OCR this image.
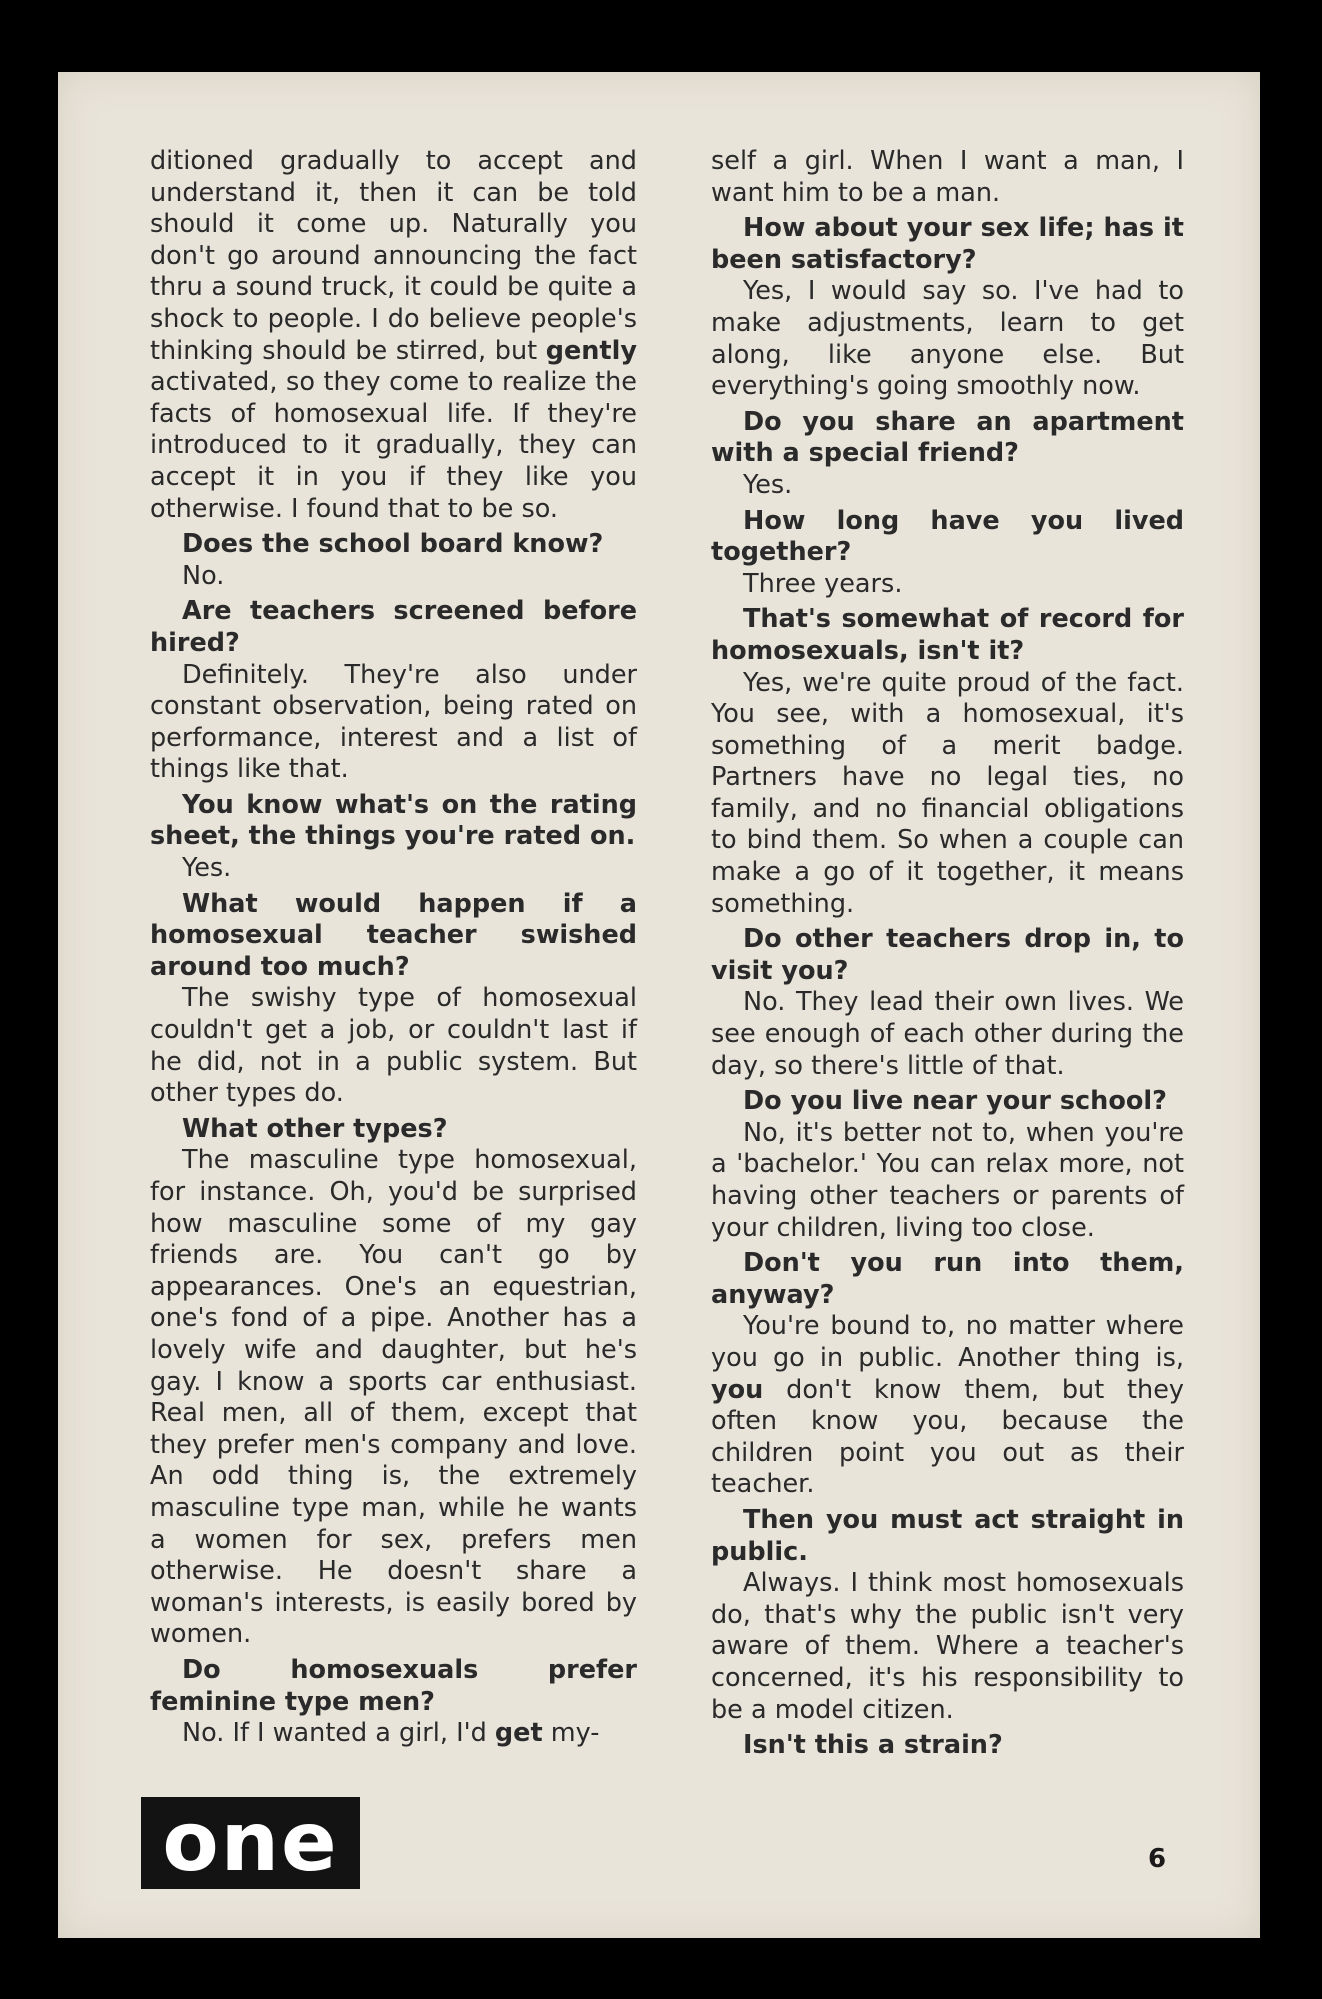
ditioned gradually to accept and understand it, then it can be told should it come up. Naturally you don't go around announcing the fact thru a sound truck, it could be quite a shock to people. I do believe people's thinking should be stirred, but gently activated, so they come to realize the facts of homosexual life. If they're introduced to it gradually, they can accept it in you if they like you otherwise. I found that to be so.

Does the school board know?

No.

Are teachers screened before hired?

Definitely. They're also under constant observation, being rated on performance, interest and a list of things like that.

You know what's on the rating sheet, the things you're rated on.

Yes.

What would happen if a homosexual teacher swished around too much?

The swishy type of homosexual couldn't get a job, or couldn't last if he did, not in a public system. But other types do.

What other types?

The masculine type homosexual, for instance. Oh, you'd be surprised how masculine some of my gay friends are. You can't go by appearances. One's an equestrian, one's fond of a pipe. Another has a lovely wife and daughter, but he's gay. I know a sports car enthusiast. Real men, all of them, except that they prefer men's company and love. An odd thing is, the extremely masculine type man, while he wants a women for sex, prefers men otherwise. He doesn't share a woman's interests, is easily bored by women.

Do homosexuals prefer feminine type men?

No. If I wanted a girl, I'd get my-

self a girl. When I want a man, I want him to be a man.

How about your sex life; has it been satisfactory?

Yes, I would say so. I've had to make adjustments, learn to get along, like anyone else. But everything's going smoothly now.

Do you share an apartment with a special friend?

Yes.

How long have you lived together?

Three years.

That's somewhat of record for homosexuals, isn't it?

Yes, we're quite proud of the fact. You see, with a homosexual, it's something of a merit badge. Partners have no legal ties, no family, and no financial obligations to bind them. So when a couple can make a go of it together, it means something.

Do other teachers drop in, to visit you?

No. They lead their own lives. We see enough of each other during the day, so there's little of that.

Do you live near your school?

No, it's better not to, when you're a 'bachelor.' You can relax more, not having other teachers or parents of your children, living too close.

Don't you run into them, anyway?

You're bound to, no matter where you go in public. Another thing is, you don't know them, but they often know you, because the children point you out as their teacher.

Then you must act straight in public.

Always. I think most homosexuals do, that's why the public isn't very aware of them. Where a teacher's concerned, it's his responsibility to be a model citizen.

Isn't this a strain?

one	6
